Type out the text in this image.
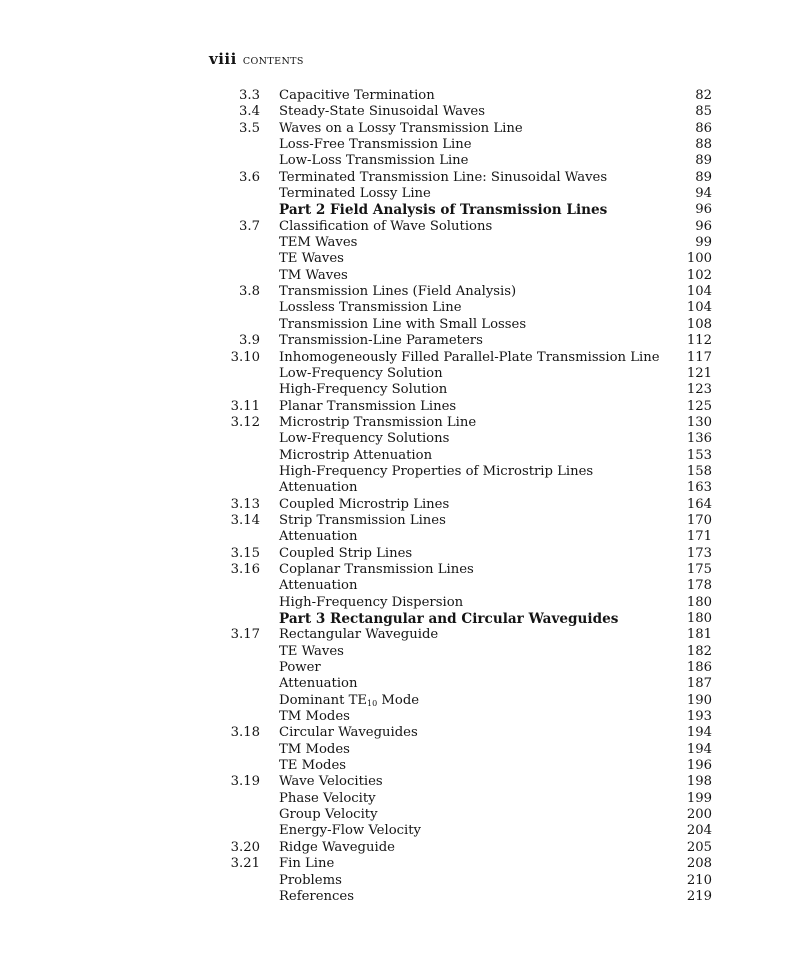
viii CONTENTS
3.3 Capacitive Termination	82
3.4 Steady-State Sinusoidal Waves	85
3.5 Waves on a Lossy Transmission Line	86
Loss-Free Transmission Line	88
Low-Loss Transmission Line	89
3.6 Terminated Transmission Line: Sinusoidal Waves	89
Terminated Lossy Line	94
Part 2 Field Analysis of Transmission Lines	96
3.7 Classification of Wave Solutions	96
TEM Waves	99
TE Waves	100
TM Waves	102
3.8 Transmission Lines (Field Analysis)	104
Lossless Transmission Line	104
Transmission Line with Small Losses	108
3.9 Transmission-Line Parameters	112
3.10 Inhomogeneously Filled Parallel-Plate Transmission Line 117
Low-Frequency Solution	121
High-Frequency Solution	123
3.11 Planar Transmission Lines	125
3.12 Microstrip Transmission Line	130
Low-Frequency Solutions	136
Microstrip Attenuation	153
High-Frequency Properties of Microstrip Lines	158
Attenuation	163
3.13 Coupled Microstrip Lines	164
3.14 Strip Transmission Lines	170
Attenuation	171
3.15 Coupled Strip Lines	173
3.16 Coplanar Transmission Lines	175
Attenuation	178
High-Frequency Dispersion	180
Part 3 Rectangular and Circular Waveguides	180
3.17 Rectangular Waveguide	181
TE Waves	182
Power	186
Attenuation	187
Dominant $TE_{10}$ Mode	190
TM Modes	193
3.18 Circular Waveguides	194
TM Modes	194
TE Modes	196
3.19 Wave Velocities	198
Phase Velocity	199
Group Velocity	200
Energy-Flow Velocity	204
3.20 Ridge Waveguide	205
3.21 Fin Line	208
Problems	210
References	219
